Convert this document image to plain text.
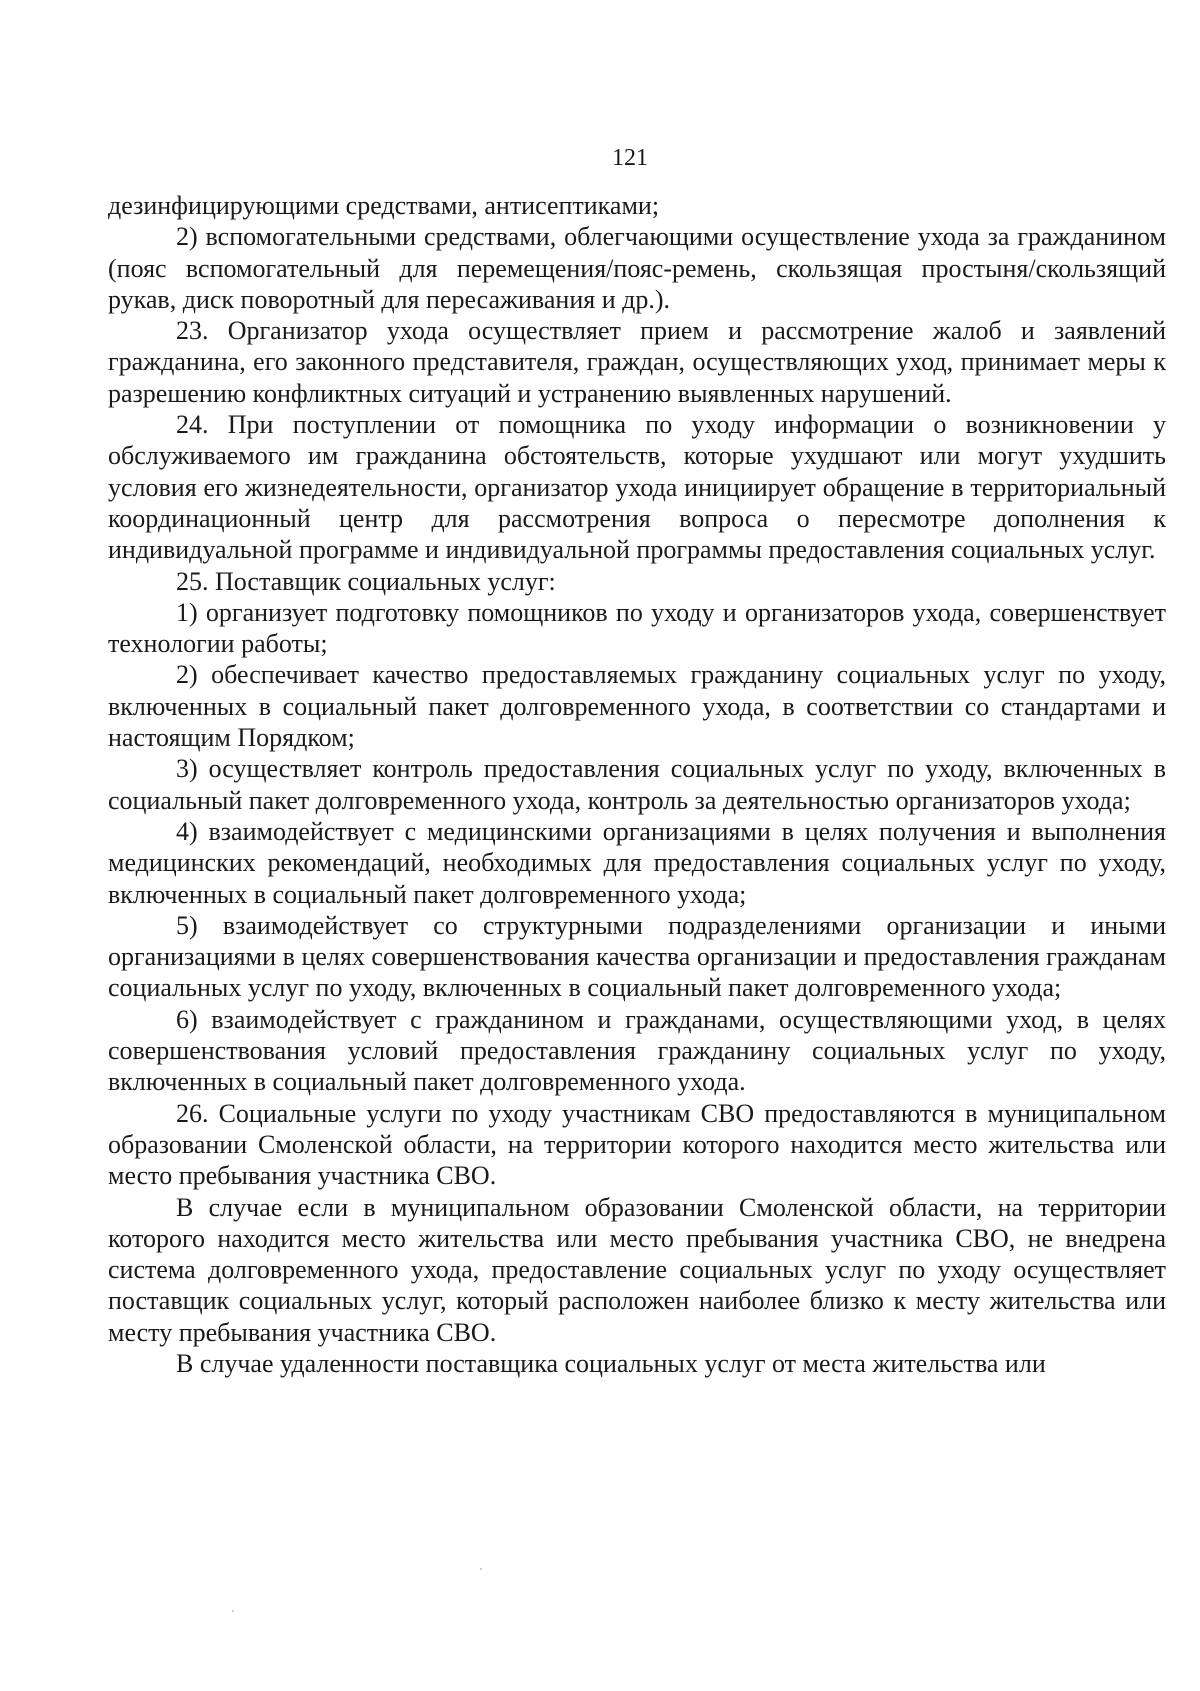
121

дезинфицирующими средствами, антисептиками;

2) вспомогательными средствами, облегчающими осуществление ухода за гражданином (пояс вспомогательный для перемещения/пояс-ремень, скользящая простыня/скользящий рукав, диск поворотный для пересаживания и др.).

23. Организатор ухода осуществляет прием и рассмотрение жалоб и заявлений гражданина, его законного представителя, граждан, осуществляющих уход, принимает меры к разрешению конфликтных ситуаций и устранению выявленных нарушений.

24. При поступлении от помощника по уходу информации о возникновении у обслуживаемого им гражданина обстоятельств, которые ухудшают или могут ухудшить условия его жизнедеятельности, организатор ухода инициирует обращение в территориальный координационный центр для рассмотрения вопроса о пересмотре дополнения к индивидуальной программе и индивидуальной программы предоставления социальных услуг.

25. Поставщик социальных услуг:

1) организует подготовку помощников по уходу и организаторов ухода, совершенствует технологии работы;

2) обеспечивает качество предоставляемых гражданину социальных услуг по уходу, включенных в социальный пакет долговременного ухода, в соответствии со стандартами и настоящим Порядком;

3) осуществляет контроль предоставления социальных услуг по уходу, включенных в социальный пакет долговременного ухода, контроль за деятельностью организаторов ухода;

4) взаимодействует с медицинскими организациями в целях получения и выполнения медицинских рекомендаций, необходимых для предоставления социальных услуг по уходу, включенных в социальный пакет долговременного ухода;

5) взаимодействует со структурными подразделениями организации и иными организациями в целях совершенствования качества организации и предоставления гражданам социальных услуг по уходу, включенных в социальный пакет долговременного ухода;

6) взаимодействует с гражданином и гражданами, осуществляющими уход, в целях совершенствования условий предоставления гражданину социальных услуг по уходу, включенных в социальный пакет долговременного ухода.

26. Социальные услуги по уходу участникам СВО предоставляются в муниципальном образовании Смоленской области, на территории которого находится место жительства или место пребывания участника СВО.

В случае если в муниципальном образовании Смоленской области, на территории которого находится место жительства или место пребывания участника СВО, не внедрена система долговременного ухода, предоставление социальных услуг по уходу осуществляет поставщик социальных услуг, который расположен наиболее близко к месту жительства или месту пребывания участника СВО.

В случае удаленности поставщика социальных услуг от места жительства или
